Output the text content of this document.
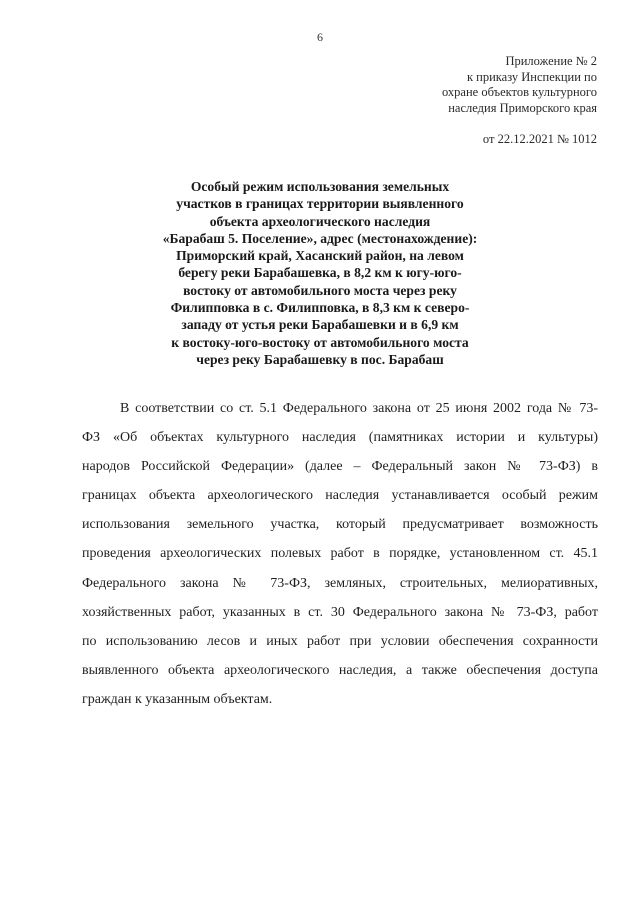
6
Приложение № 2
к приказу Инспекции по
охране объектов культурного
наследия Приморского края
от 22.12.2021 № 1012
Особый режим использования земельных
участков в границах территории выявленного
объекта археологического наследия
«Барабаш 5. Поселение», адрес (местонахождение):
Приморский край, Хасанский район, на левом
берегу реки Барабашевка, в 8,2 км к югу-юго-
востоку от автомобильного моста через реку
Филипповка в с. Филипповка, в 8,3 км к северо-
западу от устья реки Барабашевки и в 6,9 км
к востоку-юго-востоку от автомобильного моста
через реку Барабашевку в пос. Барабаш
В соответствии со ст. 5.1 Федерального закона от 25 июня 2002 года № 73-
ФЗ «Об объектах культурного наследия (памятниках истории и культуры)
народов Российской Федерации» (далее – Федеральный закон № 73-ФЗ) в
границах объекта археологического наследия устанавливается особый режим
использования земельного участка, который предусматривает возможность
проведения археологических полевых работ в порядке, установленном ст. 45.1
Федерального закона № 73-ФЗ, земляных, строительных, мелиоративных,
хозяйственных работ, указанных в ст. 30 Федерального закона № 73-ФЗ, работ
по использованию лесов и иных работ при условии обеспечения сохранности
выявленного объекта археологического наследия, а также обеспечения доступа
граждан к указанным объектам.
